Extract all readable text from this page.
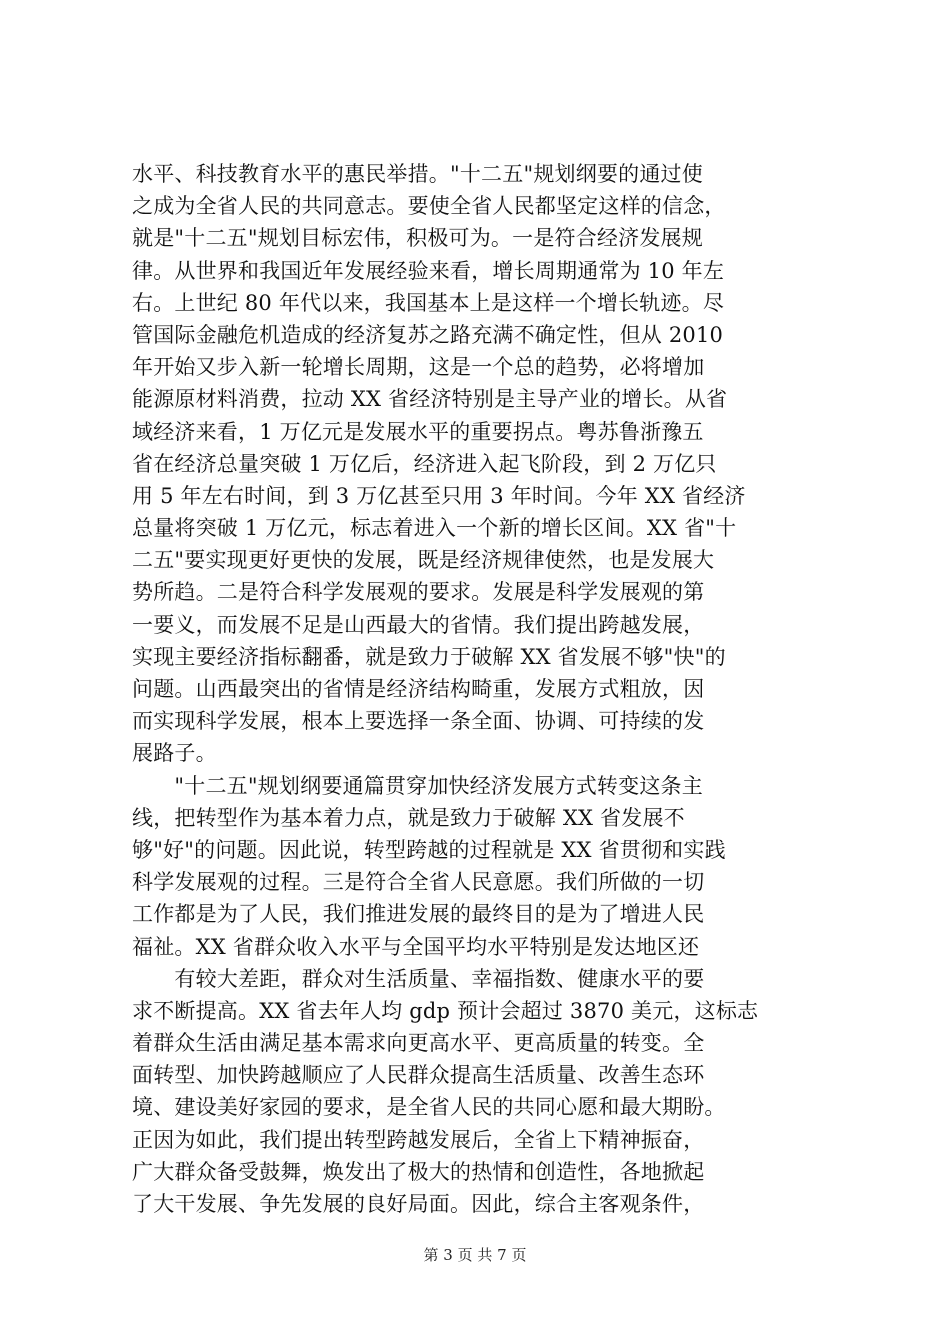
水平、科技教育水平的惠民举措。"十二五"规划纲要的通过使
之成为全省人民的共同意志。要使全省人民都坚定这样的信念，
就是"十二五"规划目标宏伟，积极可为。一是符合经济发展规
律。从世界和我国近年发展经验来看，增长周期通常为 10 年左
右。上世纪 80 年代以来，我国基本上是这样一个增长轨迹。尽
管国际金融危机造成的经济复苏之路充满不确定性，但从 2010
年开始又步入新一轮增长周期，这是一个总的趋势，必将增加
能源原材料消费，拉动 XX 省经济特别是主导产业的增长。从省
域经济来看，1 万亿元是发展水平的重要拐点。粤苏鲁浙豫五
省在经济总量突破 1 万亿后，经济进入起飞阶段，到 2 万亿只
用 5 年左右时间，到 3 万亿甚至只用 3 年时间。今年 XX 省经济
总量将突破 1 万亿元，标志着进入一个新的增长区间。XX 省"十
二五"要实现更好更快的发展，既是经济规律使然，也是发展大
势所趋。二是符合科学发展观的要求。发展是科学发展观的第
一要义，而发展不足是山西最大的省情。我们提出跨越发展，
实现主要经济指标翻番，就是致力于破解 XX 省发展不够"快"的
问题。山西最突出的省情是经济结构畸重，发展方式粗放，因
而实现科学发展，根本上要选择一条全面、协调、可持续的发
展路子。
　　"十二五"规划纲要通篇贯穿加快经济发展方式转变这条主
线，把转型作为基本着力点，就是致力于破解 XX 省发展不
够"好"的问题。因此说，转型跨越的过程就是 XX 省贯彻和实践
科学发展观的过程。三是符合全省人民意愿。我们所做的一切
工作都是为了人民，我们推进发展的最终目的是为了增进人民
福祉。XX 省群众收入水平与全国平均水平特别是发达地区还
　　有较大差距，群众对生活质量、幸福指数、健康水平的要
求不断提高。XX 省去年人均 gdp 预计会超过 3870 美元，这标志
着群众生活由满足基本需求向更高水平、更高质量的转变。全
面转型、加快跨越顺应了人民群众提高生活质量、改善生态环
境、建设美好家园的要求，是全省人民的共同心愿和最大期盼。
正因为如此，我们提出转型跨越发展后，全省上下精神振奋，
广大群众备受鼓舞，焕发出了极大的热情和创造性，各地掀起
了大干发展、争先发展的良好局面。因此，综合主客观条件，
第 3 页 共 7 页
